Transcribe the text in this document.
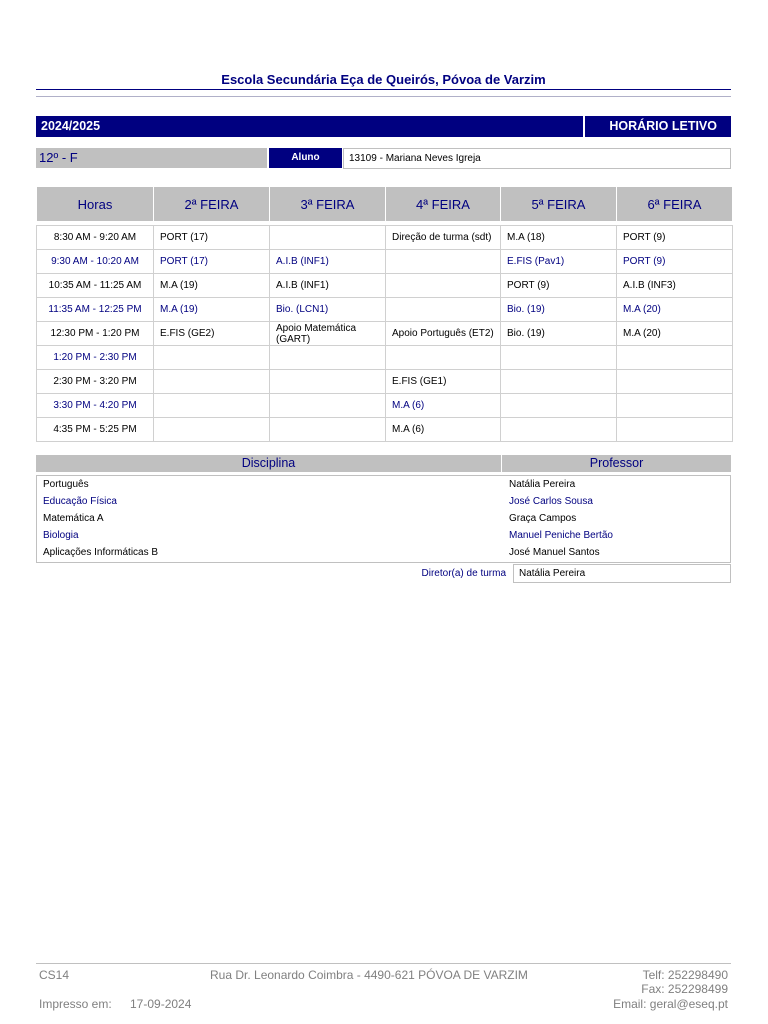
Escola Secundária Eça de Queirós, Póvoa de Varzim
2024/2025	HORÁRIO LETIVO
12º - F	Aluno	13109 - Mariana Neves Igreja
Horas	2ª FEIRA	3ª FEIRA	4ª FEIRA	5ª FEIRA	6ª FEIRA

8:30 AM - 9:20 AM	PORT (17)		Direção de turma (sdt)	M.A (18)	PORT (9)
9:30 AM - 10:20 AM	PORT (17)	A.I.B (INF1)		E.FIS (Pav1)	PORT (9)
10:35 AM - 11:25 AM	M.A (19)	A.I.B (INF1)		PORT (9)	A.I.B (INF3)
11:35 AM - 12:25 PM	M.A (19)	Bio. (LCN1)		Bio. (19)	M.A (20)
12:30 PM - 1:20 PM	E.FIS (GE2)	Apoio Matemática (GART)	Apoio Português (ET2)	Bio. (19)	M.A (20)
1:20 PM - 2:30 PM					
2:30 PM - 3:20 PM			E.FIS (GE1)		
3:30 PM - 4:20 PM			M.A (6)		
4:35 PM - 5:25 PM			M.A (6)		
Disciplina	Professor
Português	Natália Pereira
Educação Física	José Carlos Sousa
Matemática A	Graça Campos
Biologia	Manuel Peniche Bertão
Aplicações Informáticas B	José Manuel Santos
Diretor(a) de turma	Natália Pereira
CS14	Rua Dr. Leonardo Coimbra - 4490-621 PÓVOA DE VARZIM	Telf: 252298490
Fax: 252298499
Impresso em: 17-09-2024	Email: geral@eseq.pt
